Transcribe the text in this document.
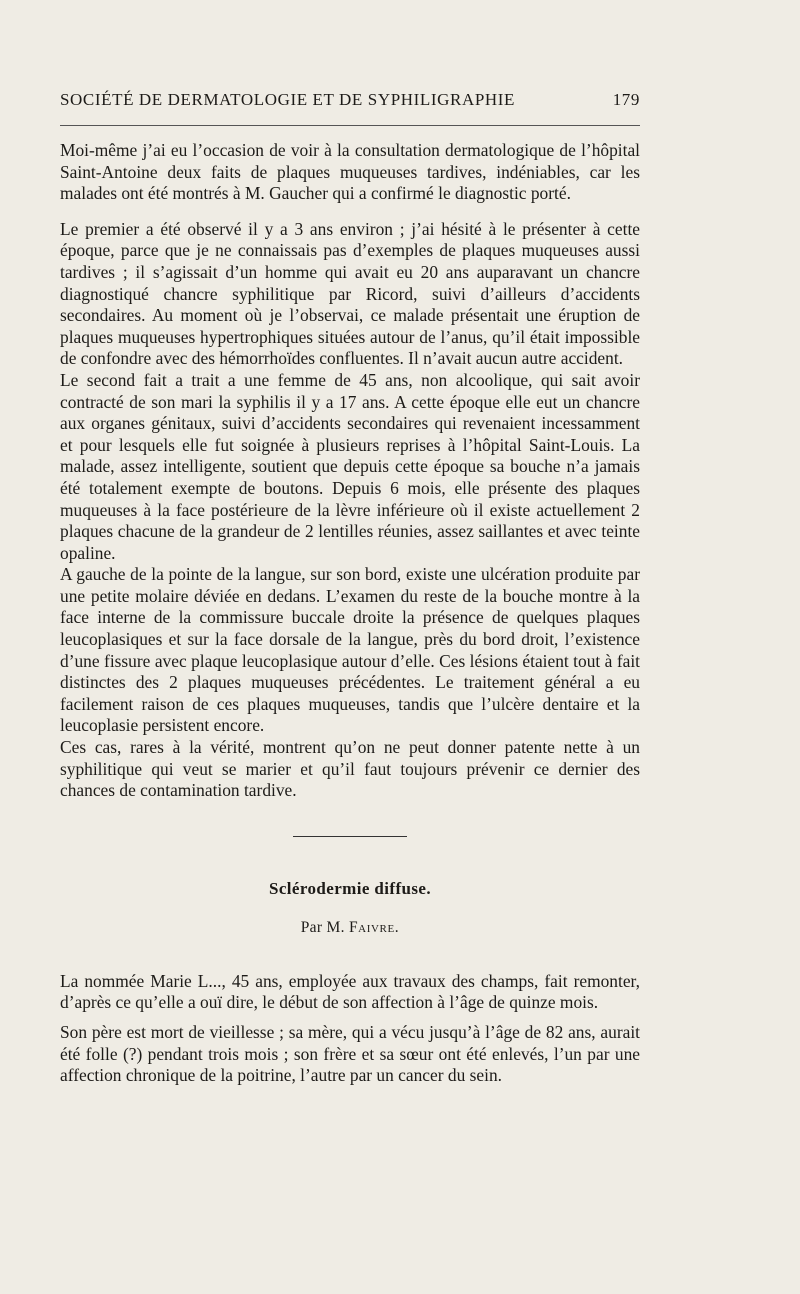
SOCIÉTÉ DE DERMATOLOGIE ET DE SYPHILIGRAPHIE	179

Moi-même j’ai eu l’occasion de voir à la consultation dermatologique de l’hôpital Saint-Antoine deux faits de plaques muqueuses tardives, indéniables, car les malades ont été montrés à M. Gaucher qui a confirmé le diagnostic porté.

Le premier a été observé il y a 3 ans environ ; j’ai hésité à le présenter à cette époque, parce que je ne connaissais pas d’exemples de plaques muqueuses aussi tardives ; il s’agissait d’un homme qui avait eu 20 ans auparavant un chancre diagnostiqué chancre syphilitique par Ricord, suivi d’ailleurs d’accidents secondaires. Au moment où je l’observai, ce malade présentait une éruption de plaques muqueuses hypertrophiques situées autour de l’anus, qu’il était impossible de confondre avec des hémorrhoïdes confluentes. Il n’avait aucun autre accident.

Le second fait a trait a une femme de 45 ans, non alcoolique, qui sait avoir contracté de son mari la syphilis il y a 17 ans. A cette époque elle eut un chancre aux organes génitaux, suivi d’accidents secondaires qui revenaient incessamment et pour lesquels elle fut soignée à plusieurs reprises à l’hôpital Saint-Louis. La malade, assez intelligente, soutient que depuis cette époque sa bouche n’a jamais été totalement exempte de boutons. Depuis 6 mois, elle présente des plaques muqueuses à la face postérieure de la lèvre inférieure où il existe actuellement 2 plaques chacune de la grandeur de 2 lentilles réunies, assez saillantes et avec teinte opaline.

A gauche de la pointe de la langue, sur son bord, existe une ulcération produite par une petite molaire déviée en dedans. L’examen du reste de la bouche montre à la face interne de la commissure buccale droite la présence de quelques plaques leucoplasiques et sur la face dorsale de la langue, près du bord droit, l’existence d’une fissure avec plaque leucoplasique autour d’elle. Ces lésions étaient tout à fait distinctes des 2 plaques muqueuses précédentes. Le traitement général a eu facilement raison de ces plaques muqueuses, tandis que l’ulcère dentaire et la leucoplasie persistent encore.

Ces cas, rares à la vérité, montrent qu’on ne peut donner patente nette à un syphilitique qui veut se marier et qu’il faut toujours prévenir ce dernier des chances de contamination tardive.

Sclérodermie diffuse.
Par M. Faivre.

La nommée Marie L..., 45 ans, employée aux travaux des champs, fait remonter, d’après ce qu’elle a ouï dire, le début de son affection à l’âge de quinze mois.

Son père est mort de vieillesse ; sa mère, qui a vécu jusqu’à l’âge de 82 ans, aurait été folle (?) pendant trois mois ; son frère et sa sœur ont été enlevés, l’un par une affection chronique de la poitrine, l’autre par un cancer du sein.
